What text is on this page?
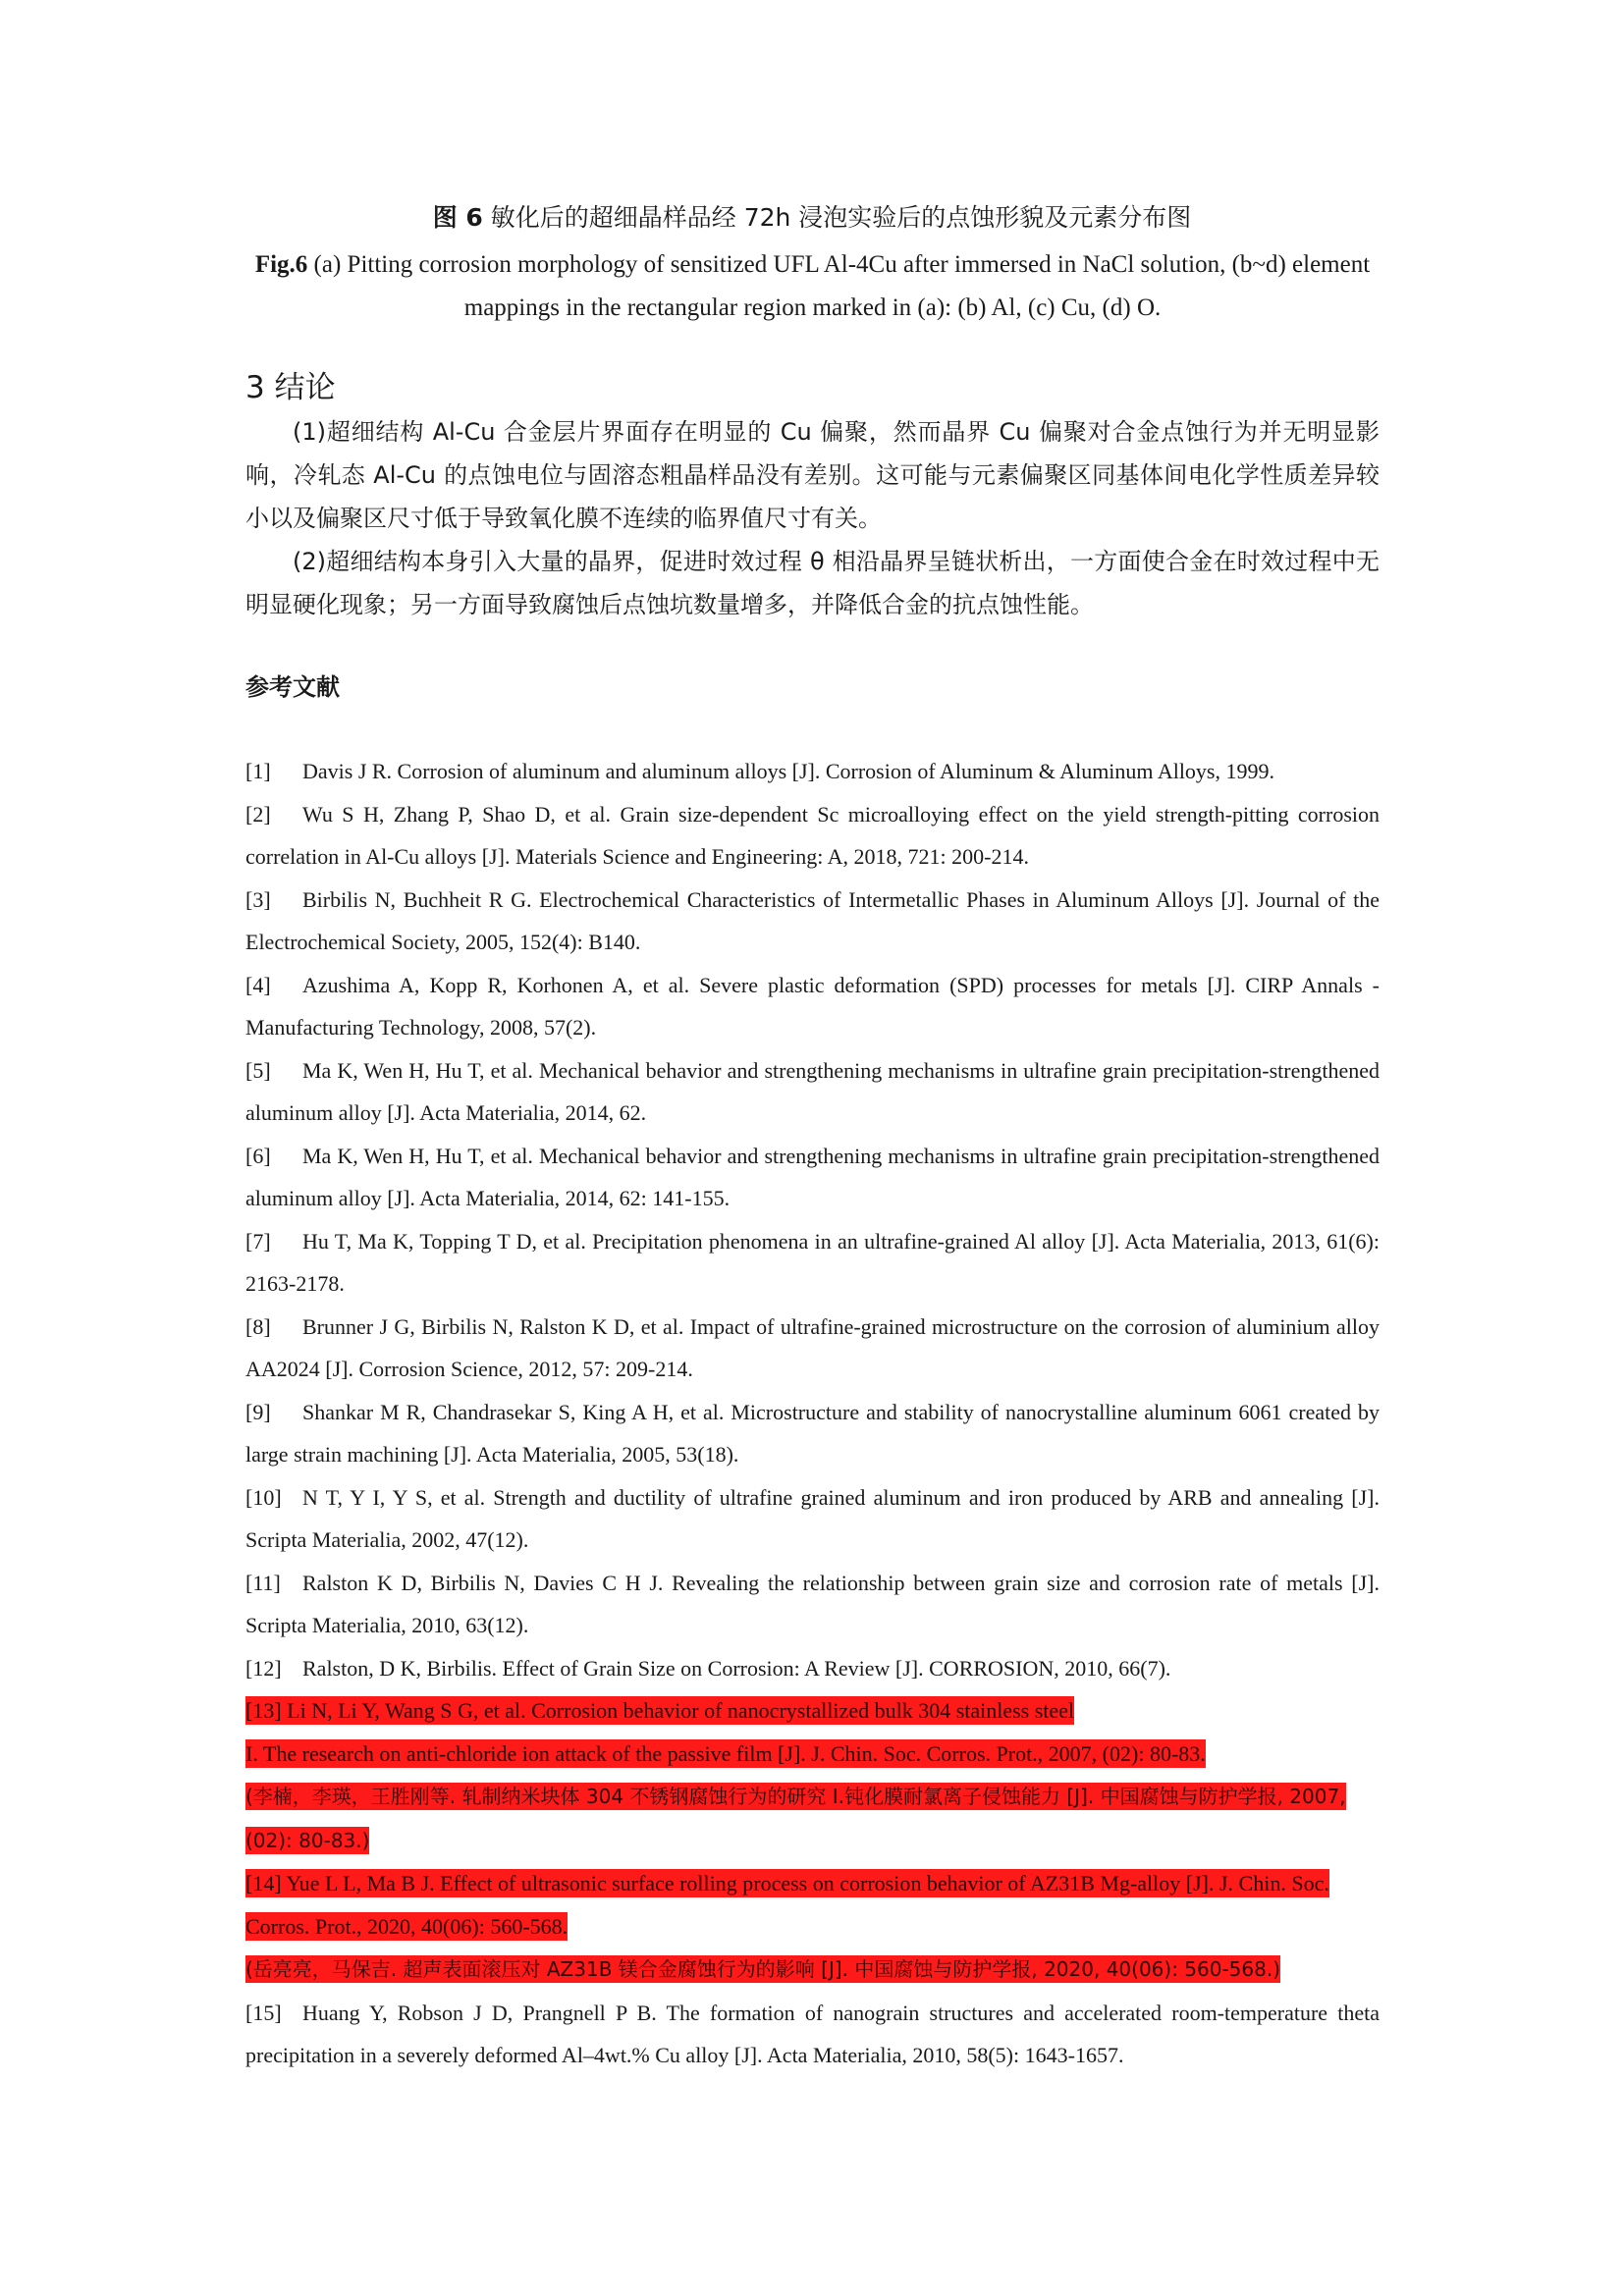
图 6 敏化后的超细晶样品经 72h 浸泡实验后的点蚀形貌及元素分布图
Fig.6 (a) Pitting corrosion morphology of sensitized UFL Al-4Cu after immersed in NaCl solution, (b~d) element mappings in the rectangular region marked in (a): (b) Al, (c) Cu, (d) O.
3 结论
(1)超细结构 Al-Cu 合金层片界面存在明显的 Cu 偏聚，然而晶界 Cu 偏聚对合金点蚀行为并无明显影响，冷轧态 Al-Cu 的点蚀电位与固溶态粗晶样品没有差别。这可能与元素偏聚区同基体间电化学性质差异较小以及偏聚区尺寸低于导致氧化膜不连续的临界值尺寸有关。
(2)超细结构本身引入大量的晶界，促进时效过程 θ 相沿晶界呈链状析出，一方面使合金在时效过程中无明显硬化现象；另一方面导致腐蚀后点蚀坑数量增多，并降低合金的抗点蚀性能。
参考文献
[1] Davis J R. Corrosion of aluminum and aluminum alloys [J]. Corrosion of Aluminum & Aluminum Alloys, 1999.
[2] Wu S H, Zhang P, Shao D, et al. Grain size-dependent Sc microalloying effect on the yield strength-pitting corrosion correlation in Al-Cu alloys [J]. Materials Science and Engineering: A, 2018, 721: 200-214.
[3] Birbilis N, Buchheit R G. Electrochemical Characteristics of Intermetallic Phases in Aluminum Alloys [J]. Journal of the Electrochemical Society, 2005, 152(4): B140.
[4] Azushima A, Kopp R, Korhonen A, et al. Severe plastic deformation (SPD) processes for metals [J]. CIRP Annals - Manufacturing Technology, 2008, 57(2).
[5] Ma K, Wen H, Hu T, et al. Mechanical behavior and strengthening mechanisms in ultrafine grain precipitation-strengthened aluminum alloy [J]. Acta Materialia, 2014, 62.
[6] Ma K, Wen H, Hu T, et al. Mechanical behavior and strengthening mechanisms in ultrafine grain precipitation-strengthened aluminum alloy [J]. Acta Materialia, 2014, 62: 141-155.
[7] Hu T, Ma K, Topping T D, et al. Precipitation phenomena in an ultrafine-grained Al alloy [J]. Acta Materialia, 2013, 61(6): 2163-2178.
[8] Brunner J G, Birbilis N, Ralston K D, et al. Impact of ultrafine-grained microstructure on the corrosion of aluminium alloy AA2024 [J]. Corrosion Science, 2012, 57: 209-214.
[9] Shankar M R, Chandrasekar S, King A H, et al. Microstructure and stability of nanocrystalline aluminum 6061 created by large strain machining [J]. Acta Materialia, 2005, 53(18).
[10] N T, Y I, Y S, et al. Strength and ductility of ultrafine grained aluminum and iron produced by ARB and annealing [J]. Scripta Materialia, 2002, 47(12).
[11] Ralston K D, Birbilis N, Davies C H J. Revealing the relationship between grain size and corrosion rate of metals [J]. Scripta Materialia, 2010, 63(12).
[12] Ralston, D K, Birbilis. Effect of Grain Size on Corrosion: A Review [J]. CORROSION, 2010, 66(7).
[13] Li N, Li Y, Wang S G, et al. Corrosion behavior of nanocrystallized bulk 304 stainless steel
I. The research on anti-chloride ion attack of the passive film [J]. J. Chin. Soc. Corros. Prot., 2007, (02): 80-83.
(李楠，李瑛，王胜刚等. 轧制纳米块体 304 不锈钢腐蚀行为的研究 I.钝化膜耐氯离子侵蚀能力 [J]. 中国腐蚀与防护学报, 2007, (02): 80-83.)
[14] Yue L L, Ma B J. Effect of ultrasonic surface rolling process on corrosion behavior of AZ31B Mg-alloy [J]. J. Chin. Soc. Corros. Prot., 2020, 40(06): 560-568.
(岳亮亮，马保吉. 超声表面滚压对 AZ31B 镁合金腐蚀行为的影响 [J]. 中国腐蚀与防护学报, 2020, 40(06): 560-568.)
[15] Huang Y, Robson J D, Prangnell P B. The formation of nanograin structures and accelerated room-temperature theta precipitation in a severely deformed Al–4wt.% Cu alloy [J]. Acta Materialia, 2010, 58(5): 1643-1657.
